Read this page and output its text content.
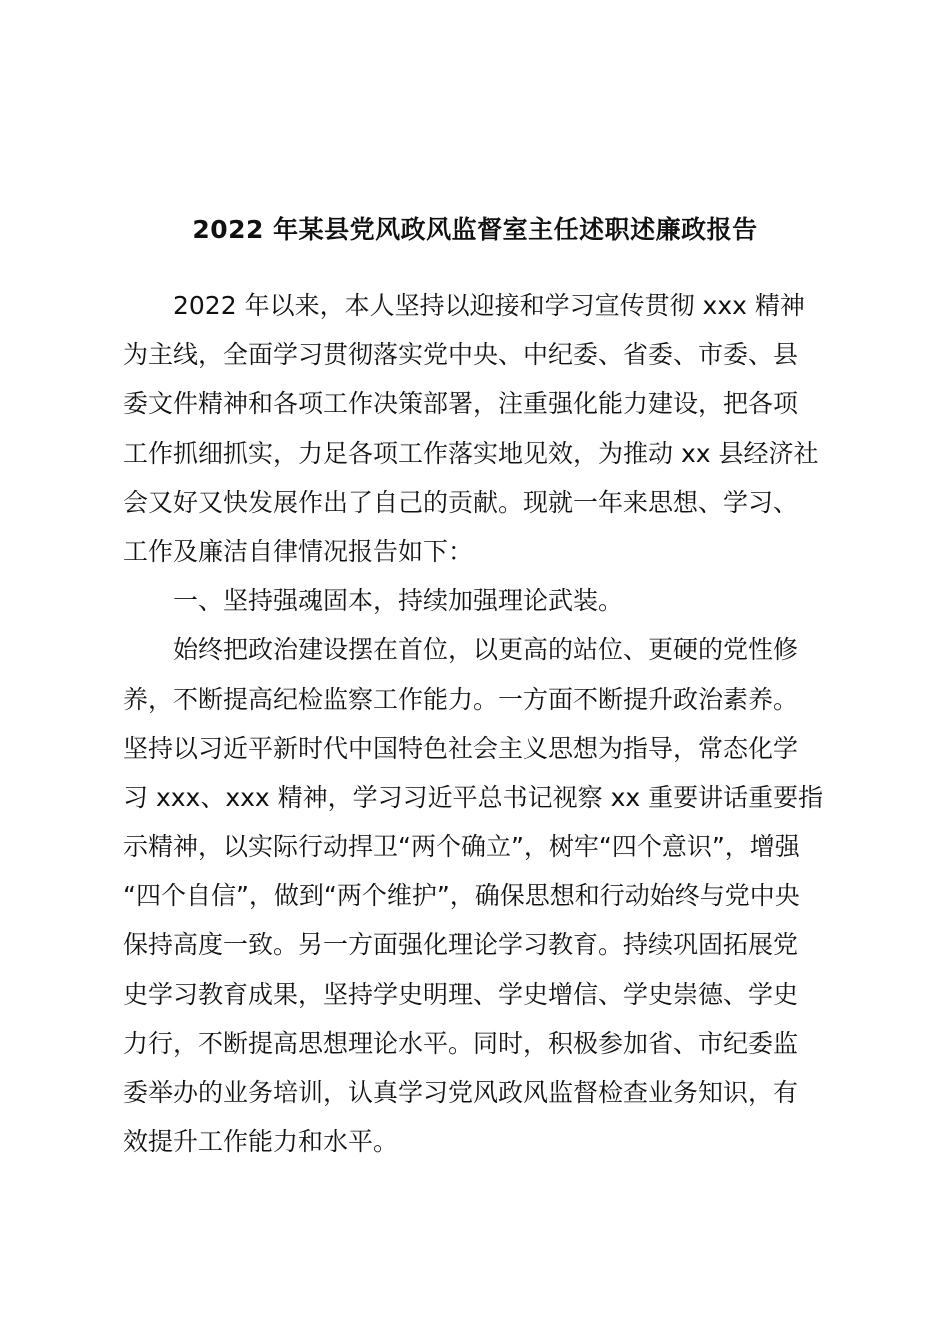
2022 年某县党风政风监督室主任述职述廉政报告
2022 年以来，本人坚持以迎接和学习宣传贯彻 xxx 精神
为主线，全面学习贯彻落实党中央、中纪委、省委、市委、县
委文件精神和各项工作决策部署，注重强化能力建设，把各项
工作抓细抓实，力足各项工作落实地见效，为推动 xx 县经济社
会又好又快发展作出了自己的贡献。现就一年来思想、学习、
工作及廉洁自律情况报告如下：
一、坚持强魂固本，持续加强理论武装。
始终把政治建设摆在首位，以更高的站位、更硬的党性修
养，不断提高纪检监察工作能力。一方面不断提升政治素养。
坚持以习近平新时代中国特色社会主义思想为指导，常态化学
习 xxx、xxx 精神，学习习近平总书记视察 xx 重要讲话重要指
示精神，以实际行动捍卫“两个确立”，树牢“四个意识”，增强
“四个自信”，做到“两个维护”，确保思想和行动始终与党中央
保持高度一致。另一方面强化理论学习教育。持续巩固拓展党
史学习教育成果，坚持学史明理、学史增信、学史崇德、学史
力行，不断提高思想理论水平。同时，积极参加省、市纪委监
委举办的业务培训，认真学习党风政风监督检查业务知识，有
效提升工作能力和水平。
